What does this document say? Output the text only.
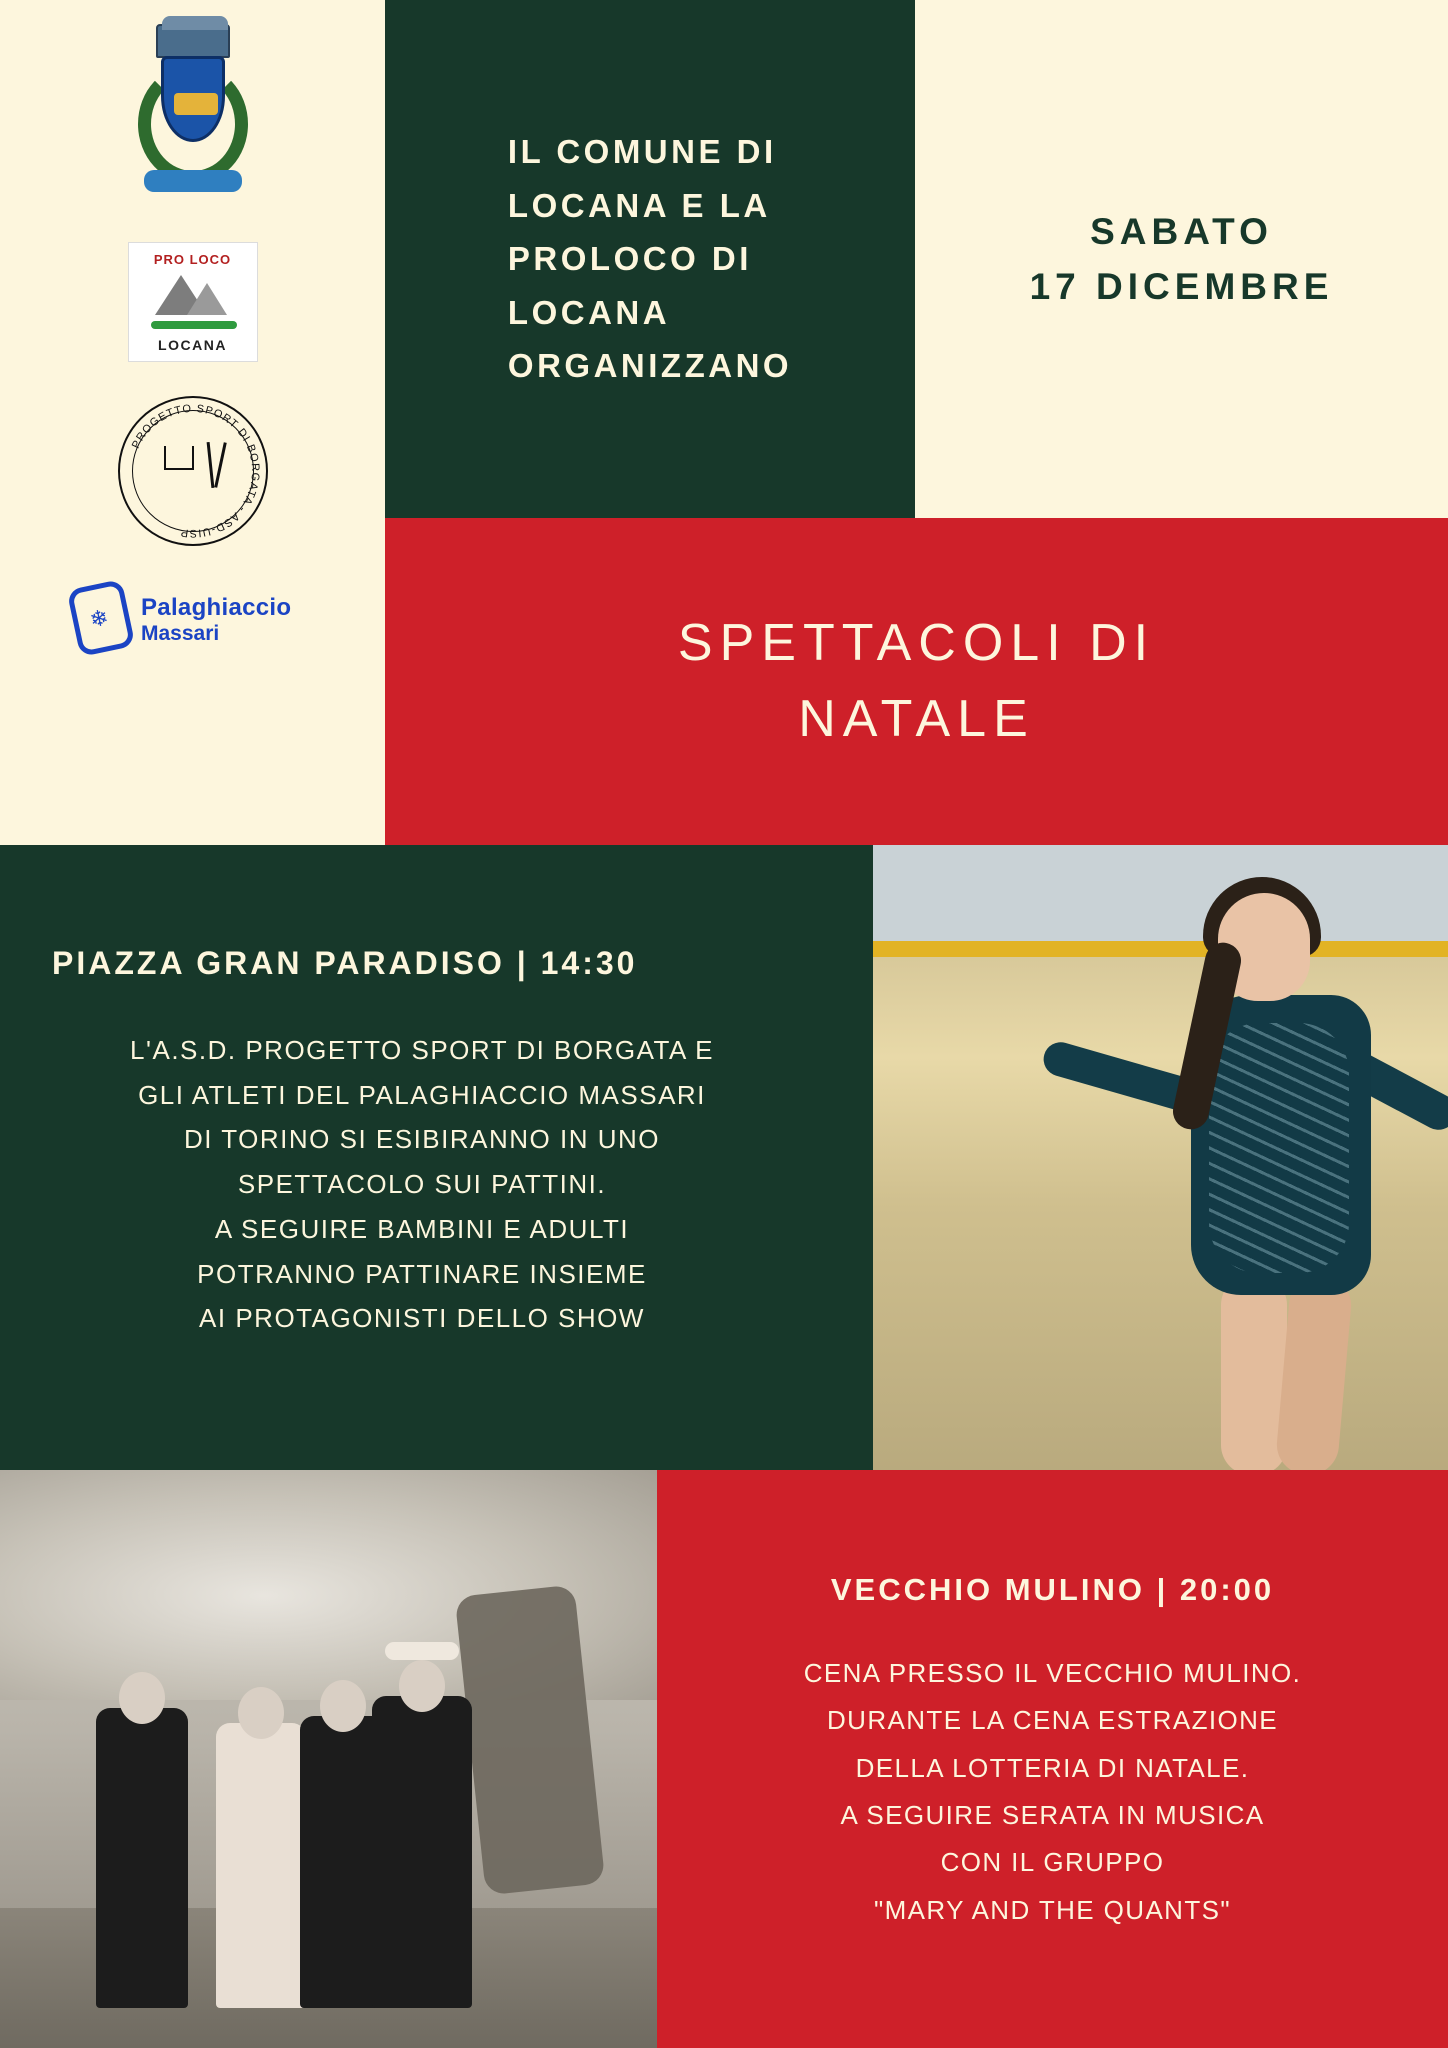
PRO LOCO
LOCANA
PROGETTO SPORT DI BORGATA - ASD-UISP
❄ Palaghiaccio
Massari
IL COMUNE DI
LOCANA E LA
PROLOCO DI
LOCANA
ORGANIZZANO
SABATO
17 DICEMBRE
SPETTACOLI DI
NATALE
PIAZZA GRAN PARADISO | 14:30
L'A.S.D. PROGETTO SPORT DI BORGATA E
GLI ATLETI DEL PALAGHIACCIO MASSARI
DI TORINO SI ESIBIRANNO IN UNO
SPETTACOLO SUI PATTINI.
A SEGUIRE BAMBINI E ADULTI
POTRANNO PATTINARE INSIEME
AI PROTAGONISTI DELLO SHOW
VECCHIO MULINO | 20:00
CENA PRESSO IL VECCHIO MULINO.
DURANTE LA CENA ESTRAZIONE
DELLA LOTTERIA DI NATALE.
A SEGUIRE SERATA IN MUSICA
CON IL GRUPPO
"MARY AND THE QUANTS"
